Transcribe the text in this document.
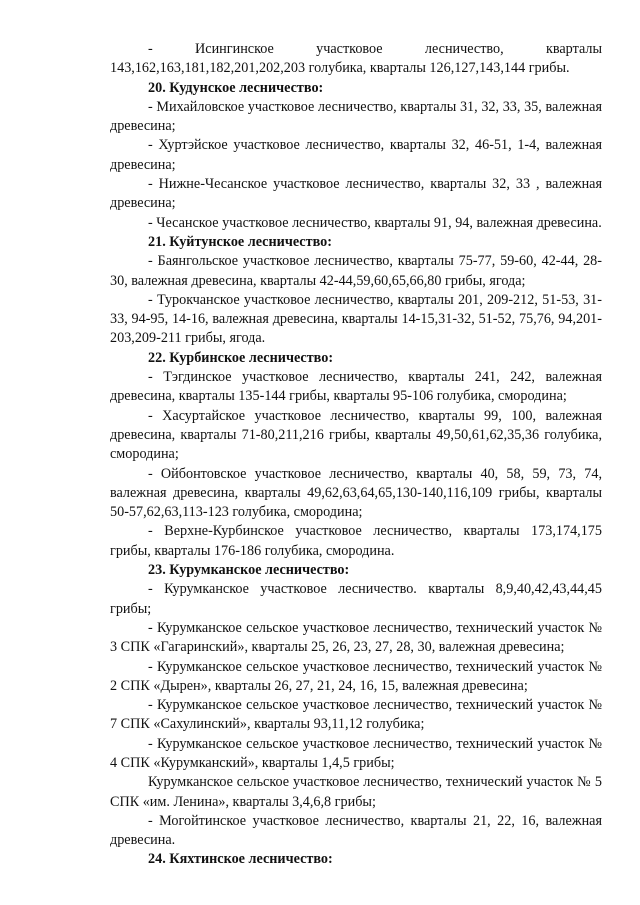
-        Исингинское        участковое        лесничество,        кварталы

143,162,163,181,182,201,202,203 голубика, кварталы 126,127,143,144 грибы.

20. Кудунское лесничество:

- Михайловское участковое лесничество, кварталы 31, 32, 33, 35, валежная древесина;

- Хуртэйское участковое лесничество, кварталы 32, 46-51, 1-4, валежная древесина;

- Нижне-Чесанское участковое лесничество, кварталы 32, 33 , валежная древесина;

- Чесанское участковое лесничество, кварталы 91, 94, валежная древесина.

21. Куйтунское лесничество:

- Баянгольское участковое лесничество, кварталы 75-77, 59-60, 42-44, 28-30, валежная древесина, кварталы 42-44,59,60,65,66,80 грибы, ягода;

- Турокчанское участковое лесничество, кварталы 201, 209-212, 51-53, 31-33, 94-95, 14-16, валежная древесина, кварталы 14-15,31-32, 51-52, 75,76, 94,201-203,209-211 грибы, ягода.

22. Курбинское лесничество:

- Тэгдинское участковое лесничество, кварталы 241, 242, валежная древесина, кварталы 135-144 грибы, кварталы 95-106 голубика, смородина;

- Хасуртайское участковое лесничество, кварталы 99, 100, валежная древесина, кварталы 71-80,211,216 грибы, кварталы 49,50,61,62,35,36 голубика, смородина;

- Ойбонтовское участковое лесничество, кварталы 40, 58, 59, 73, 74, валежная древесина, кварталы 49,62,63,64,65,130-140,116,109 грибы, кварталы 50-57,62,63,113-123 голубика, смородина;

- Верхне-Курбинское участковое лесничество, кварталы 173,174,175 грибы, кварталы 176-186 голубика, смородина.

23. Курумканское лесничество:

- Курумканское участковое лесничество. кварталы 8,9,40,42,43,44,45 грибы;

- Курумканское сельское участковое лесничество, технический участок № 3 СПК «Гагаринский», кварталы 25, 26, 23, 27, 28, 30, валежная древесина;

- Курумканское сельское участковое лесничество, технический участок № 2 СПК «Дырен», кварталы 26, 27, 21, 24, 16, 15, валежная древесина;

- Курумканское сельское участковое лесничество, технический участок № 7 СПК «Сахулинский», кварталы 93,11,12 голубика;

- Курумканское сельское участковое лесничество, технический участок № 4 СПК «Курумканский», кварталы 1,4,5 грибы;

Курумканское сельское участковое лесничество, технический участок № 5 СПК «им. Ленина», кварталы 3,4,6,8 грибы;

- Могойтинское участковое лесничество, кварталы 21, 22, 16, валежная древесина.

24. Кяхтинское лесничество:
